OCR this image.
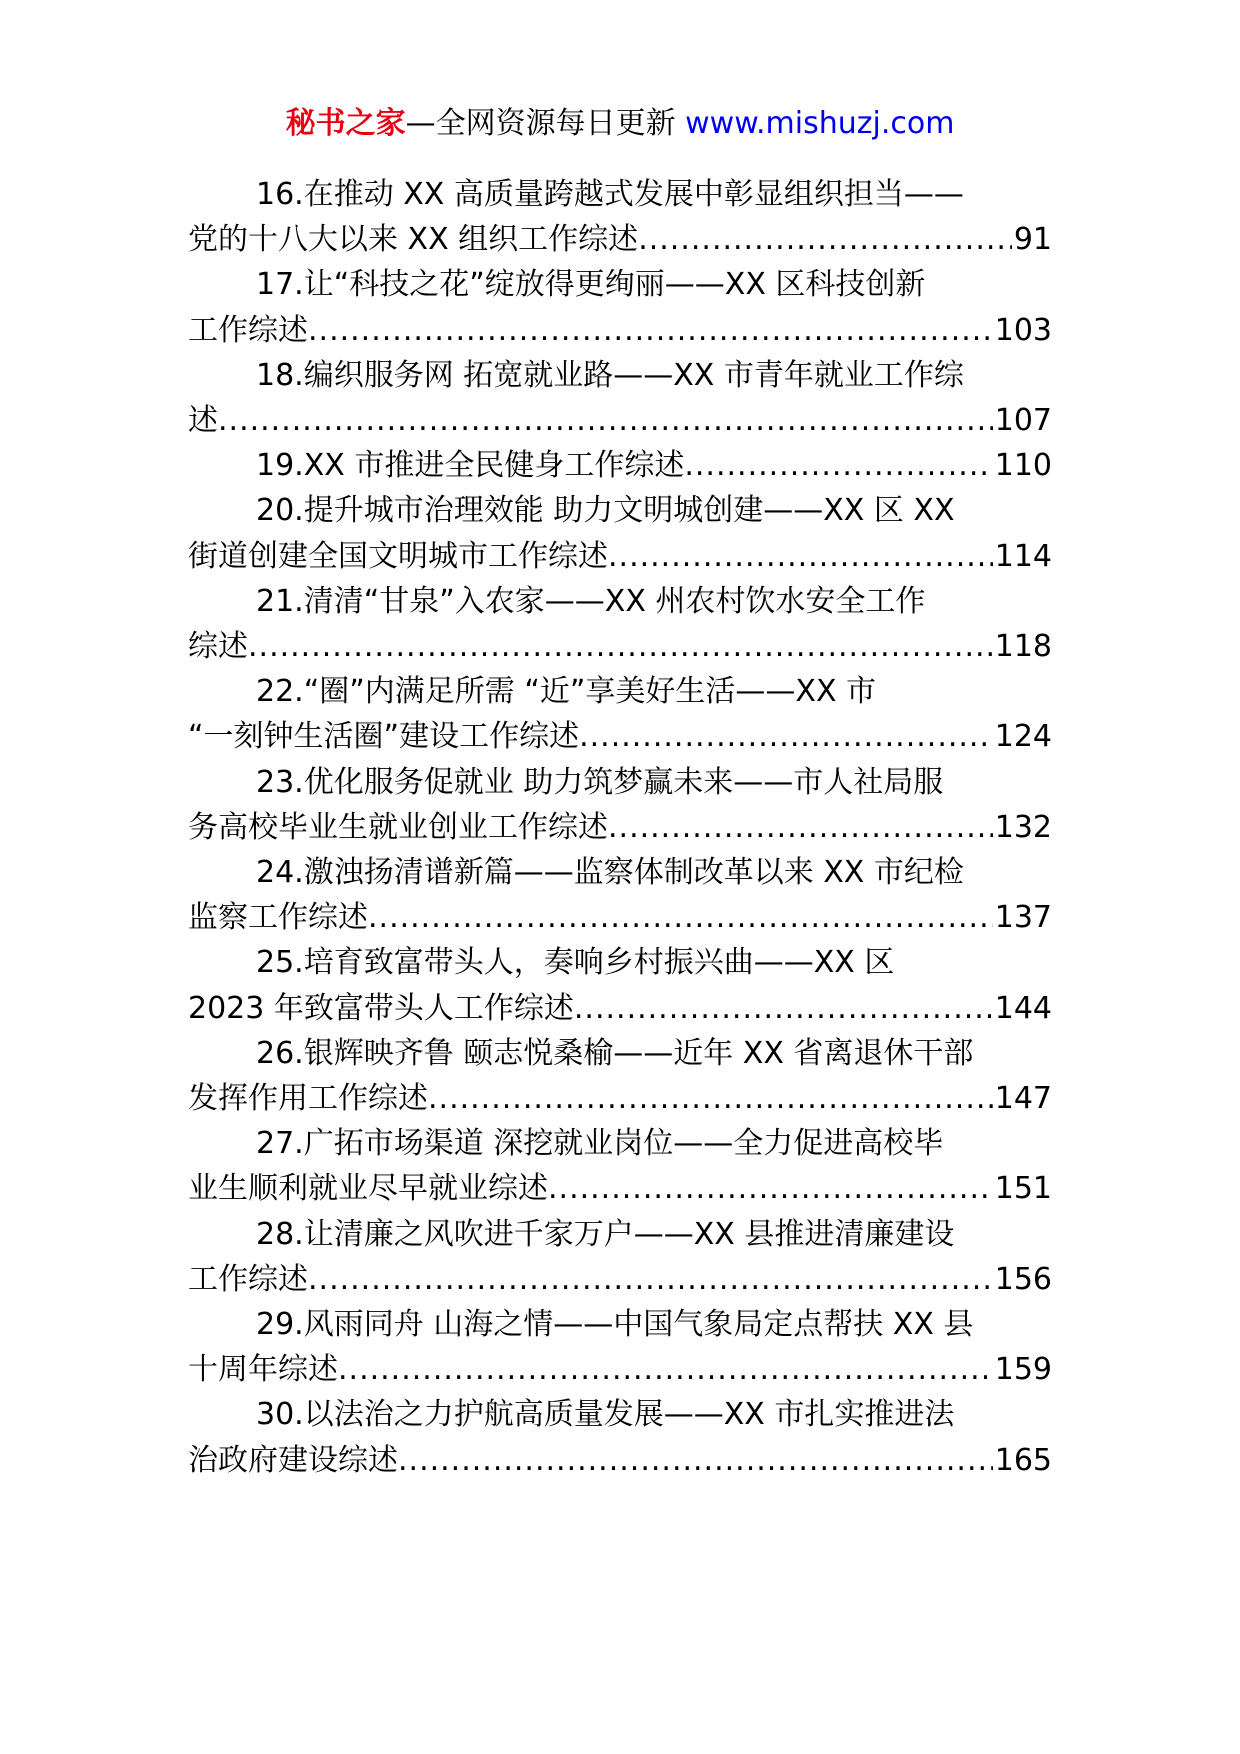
秘书之家—全网资源每日更新 www.mishuzj.com
16.在推动 XX 高质量跨越式发展中彰显组织担当——
党的十八大以来 XX 组织工作综述 .....	91
17.让“科技之花”绽放得更绚丽——XX 区科技创新
工作综述 .....	103
18.编织服务网 拓宽就业路——XX 市青年就业工作综
述 .....	107
19.XX 市推进全民健身工作综述 .....	110
20.提升城市治理效能 助力文明城创建——XX 区 XX
街道创建全国文明城市工作综述 .....	114
21.清清“甘泉”入农家——XX 州农村饮水安全工作
综述 .....	118
22.“圈”内满足所需 “近”享美好生活——XX 市
“一刻钟生活圈”建设工作综述 .....	124
23.优化服务促就业 助力筑梦赢未来——市人社局服
务高校毕业生就业创业工作综述 .....	132
24.激浊扬清谱新篇——监察体制改革以来 XX 市纪检
监察工作综述 .....	137
25.培育致富带头人，奏响乡村振兴曲——XX 区
2023 年致富带头人工作综述 .....	144
26.银辉映齐鲁 颐志悦桑榆——近年 XX 省离退休干部
发挥作用工作综述 .....	147
27.广拓市场渠道 深挖就业岗位——全力促进高校毕
业生顺利就业尽早就业综述 .....	151
28.让清廉之风吹进千家万户——XX 县推进清廉建设
工作综述 .....	156
29.风雨同舟 山海之情——中国气象局定点帮扶 XX 县
十周年综述 .....	159
30.以法治之力护航高质量发展——XX 市扎实推进法
治政府建设综述 .....	165
